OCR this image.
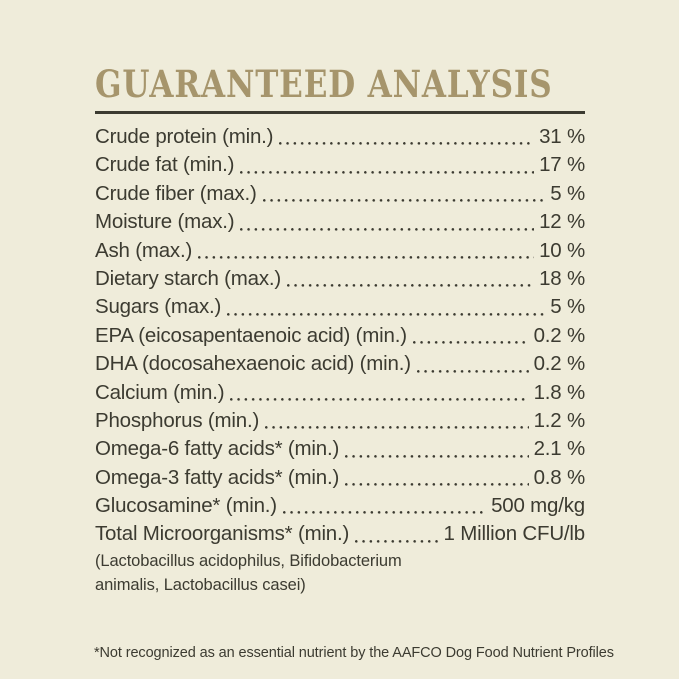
GUARANTEED ANALYSIS
Crude protein (min.)	31 %
Crude fat (min.)	17 %
Crude fiber (max.)	5 %
Moisture (max.)	12 %
Ash (max.)	10 %
Dietary starch (max.)	18 %
Sugars (max.)	5 %
EPA (eicosapentaenoic acid) (min.)	0.2 %
DHA (docosahexaenoic acid) (min.)	0.2 %
Calcium (min.)	1.8 %
Phosphorus (min.)	1.2 %
Omega-6 fatty acids* (min.)	2.1 %
Omega-3 fatty acids* (min.)	0.8 %
Glucosamine* (min.)	500 mg/kg
Total Microorganisms* (min.)	1 Million CFU/lb
(Lactobacillus acidophilus, Bifidobacterium
animalis, Lactobacillus casei)
*Not recognized as an essential nutrient by the AAFCO Dog Food Nutrient Profiles
